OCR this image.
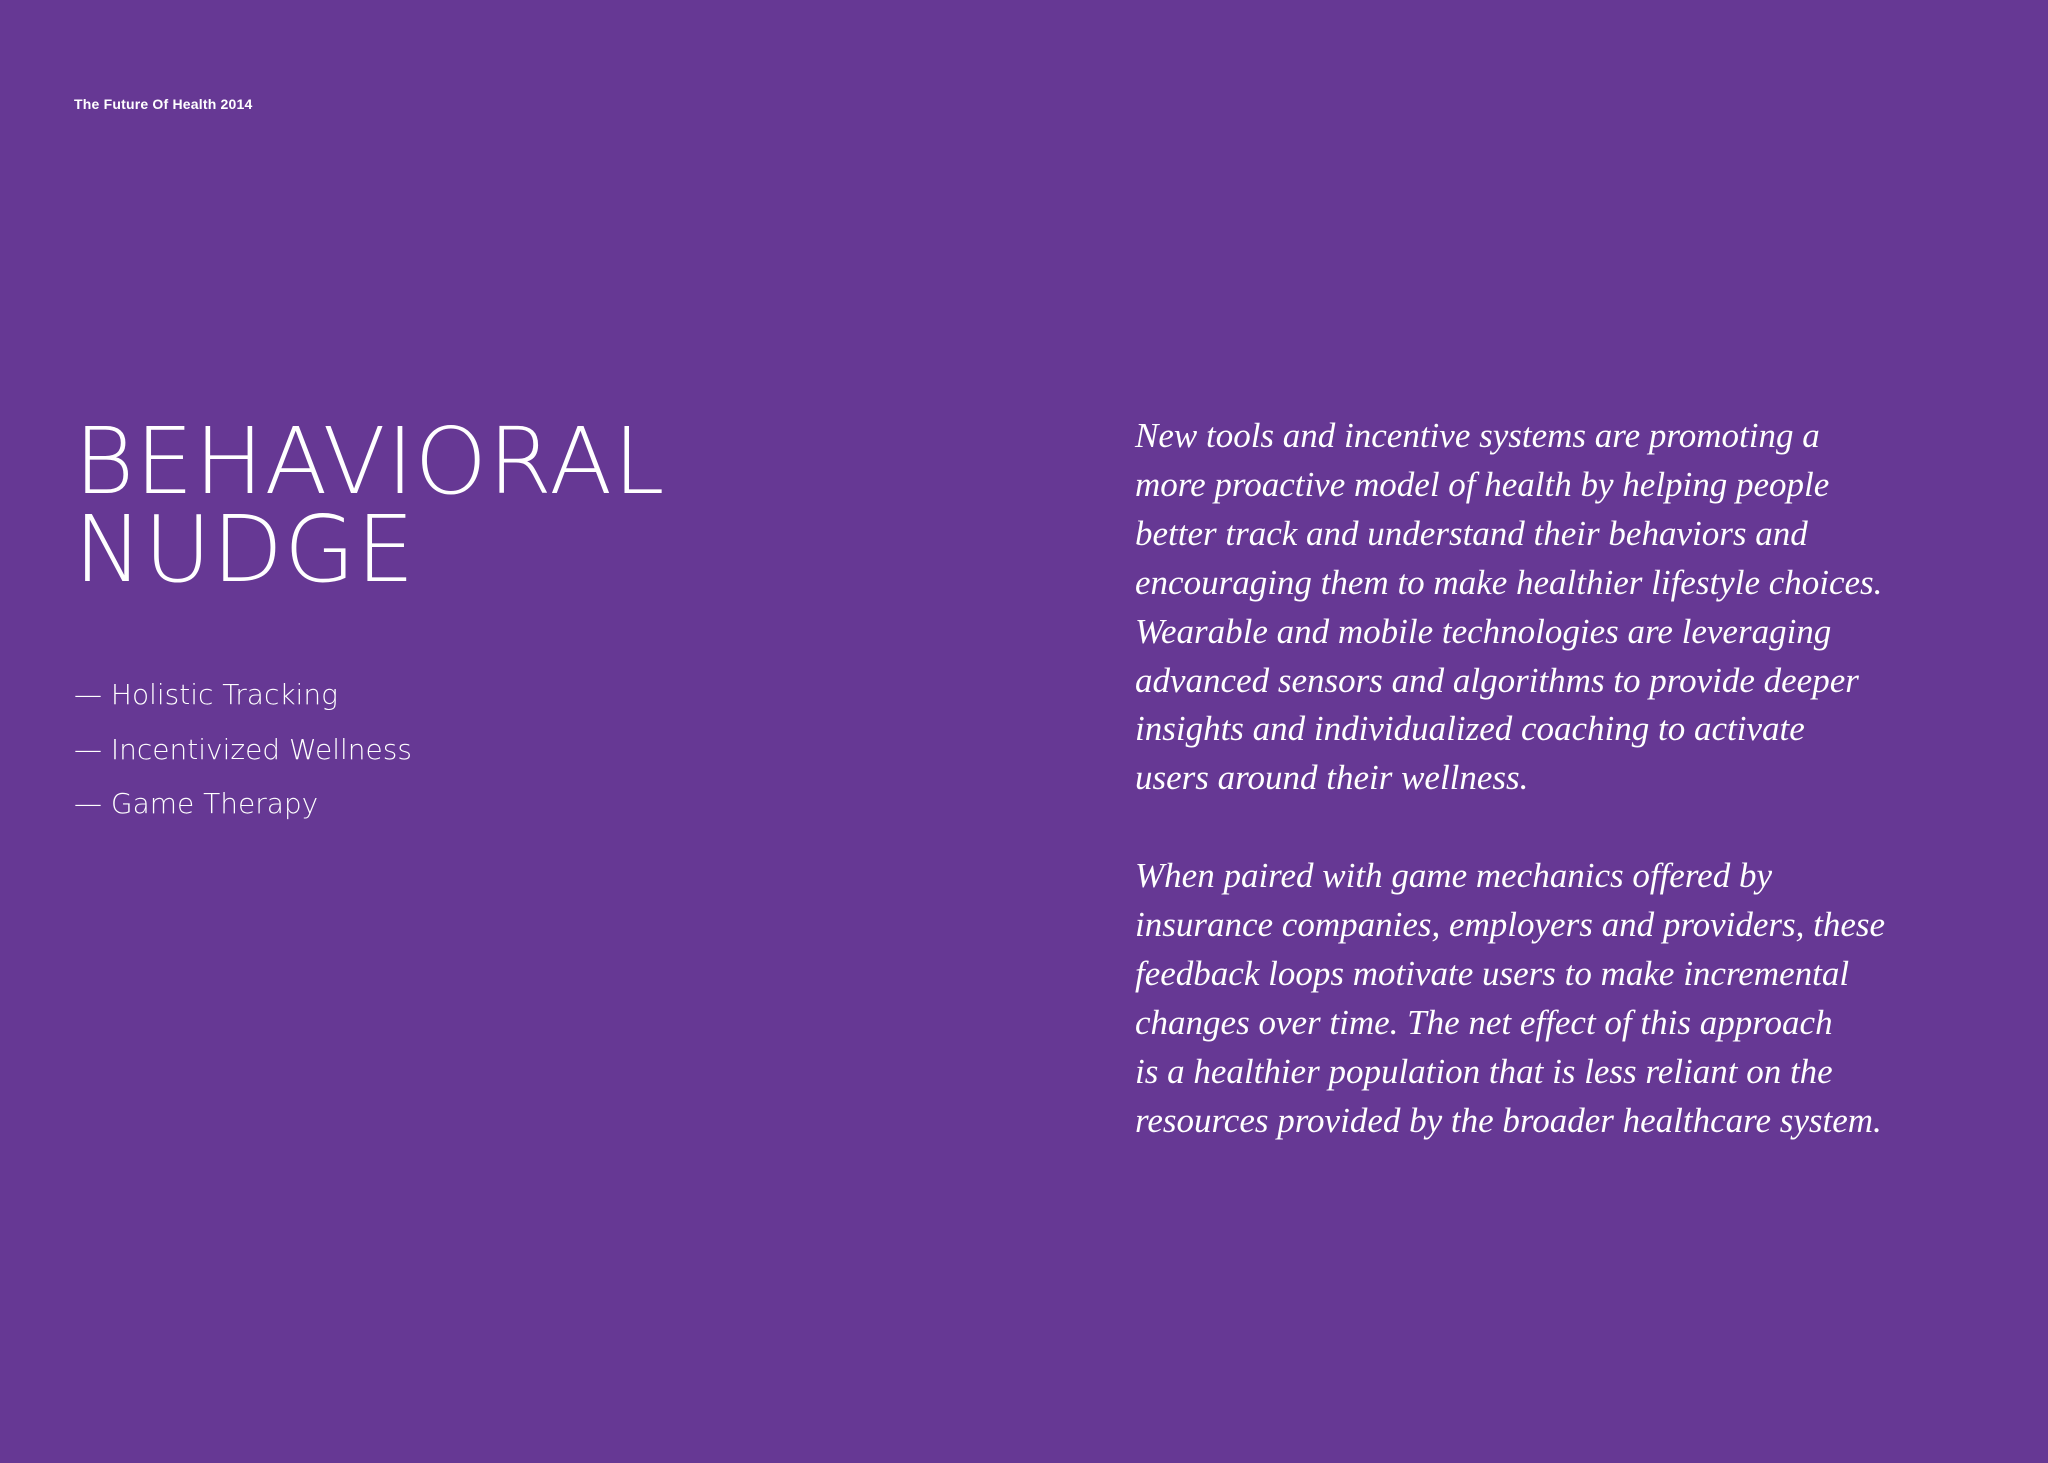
The Future Of Health 2014
BEHAVIORAL
NUDGE
— Holistic Tracking
— Incentivized Wellness
— Game Therapy

New tools and incentive systems are promoting a
more proactive model of health by helping people
better track and understand their behaviors and
encouraging them to make healthier lifestyle choices.
Wearable and mobile technologies are leveraging
advanced sensors and algorithms to provide deeper
insights and individualized coaching to activate
users around their wellness.

When paired with game mechanics offered by
insurance companies, employers and providers, these
feedback loops motivate users to make incremental
changes over time. The net effect of this approach
is a healthier population that is less reliant on the
resources provided by the broader healthcare system.
